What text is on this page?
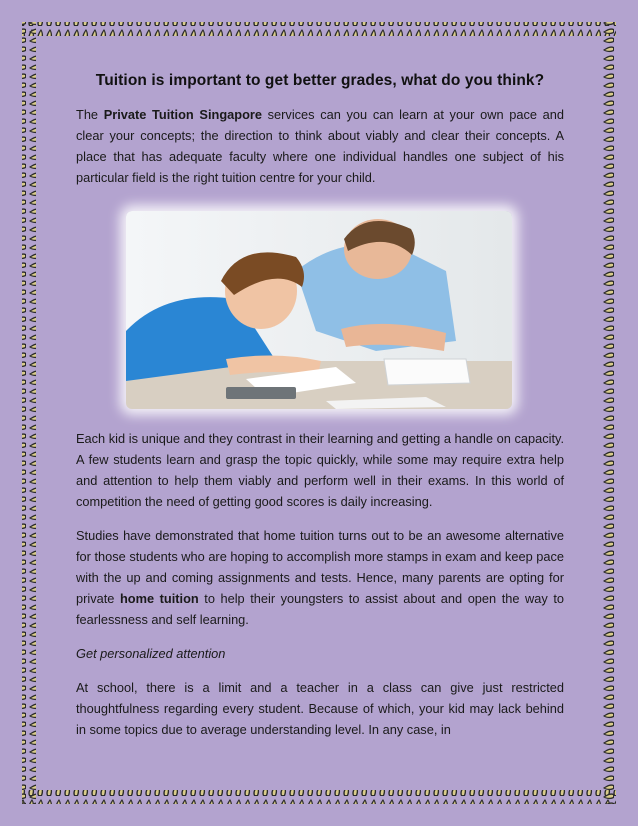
Tuition is important to get better grades, what do you think?

The Private Tuition Singapore services can you can learn at your own pace and clear your concepts; the direction to think about viably and clear their concepts. A place that has adequate faculty where one individual handles one subject of his particular field is the right tuition centre for your child.

Each kid is unique and they contrast in their learning and getting a handle on capacity. A few students learn and grasp the topic quickly, while some may require extra help and attention to help them viably and perform well in their exams. In this world of competition the need of getting good scores is daily increasing.

Studies have demonstrated that home tuition turns out to be an awesome alternative for those students who are hoping to accomplish more stamps in exam and keep pace with the up and coming assignments and tests. Hence, many parents are opting for private home tuition to help their youngsters to assist about and open the way to fearlessness and self learning.

Get personalized attention

At school, there is a limit and a teacher in a class can give just restricted thoughtfulness regarding every student. Because of which, your kid may lack behind in some topics due to average understanding level. In any case, in
